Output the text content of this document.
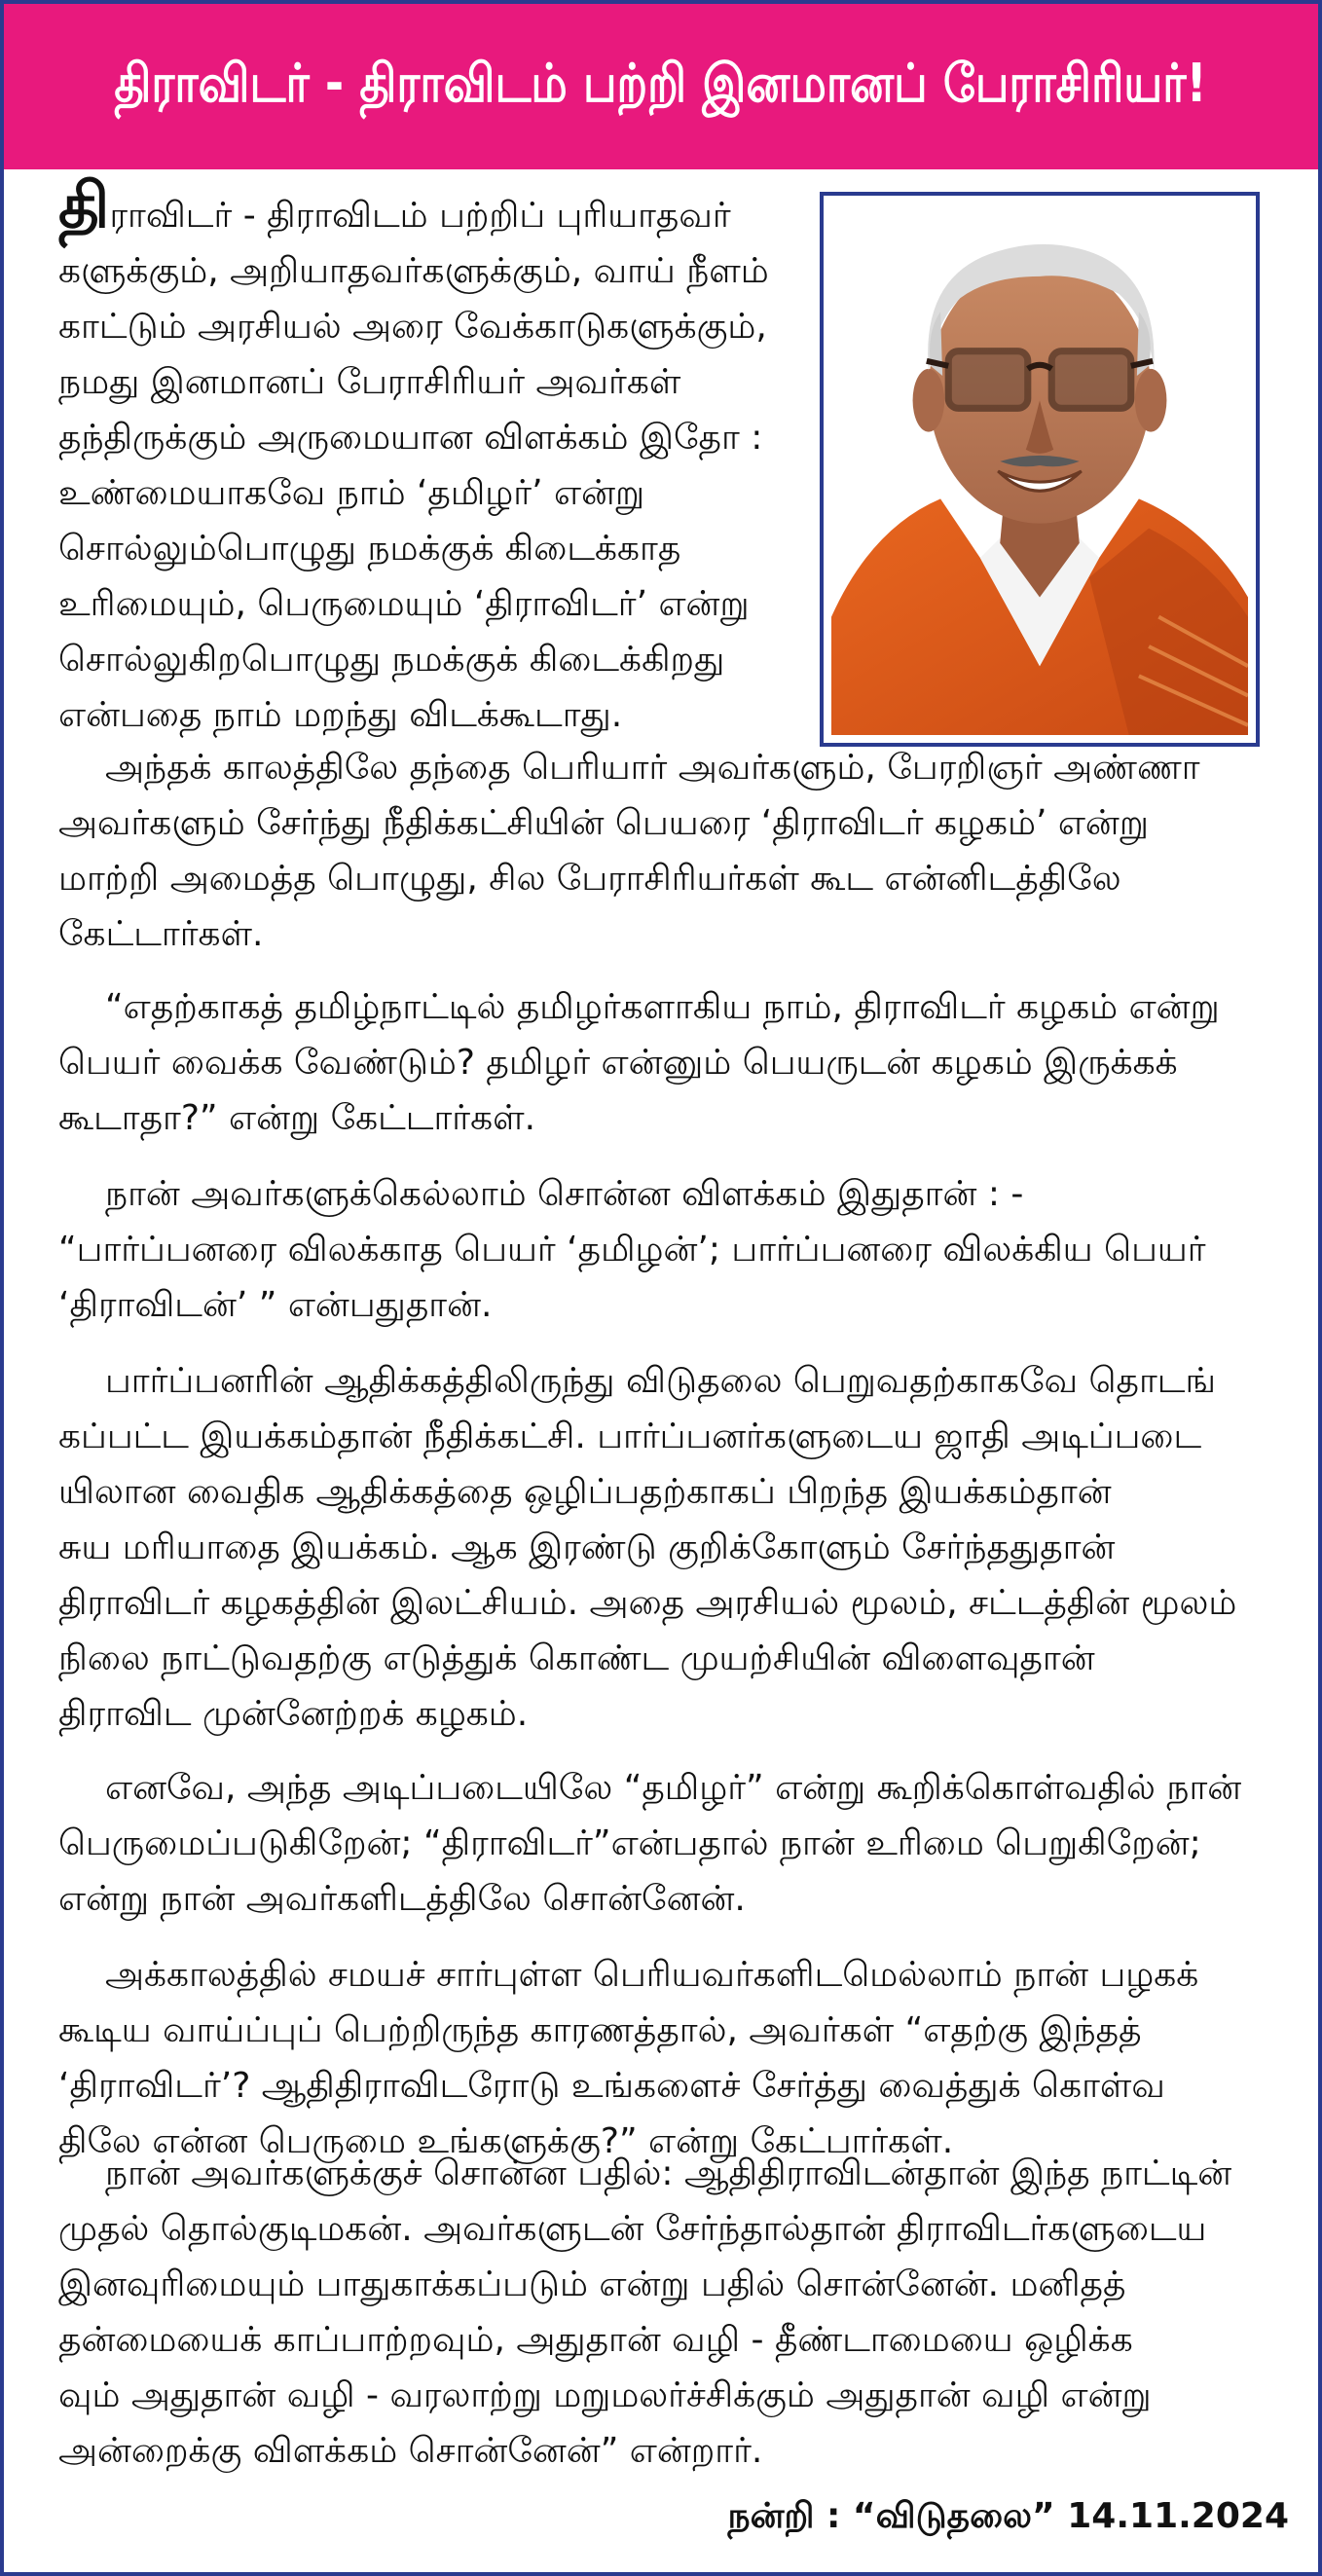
திராவிடர் - திராவிடம் பற்றி இனமானப் பேராசிரியர்!
திராவிடர் - திராவிடம் பற்றிப் புரியாதவர்
களுக்கும், அறியாதவர்களுக்கும், வாய் நீளம்
காட்டும் அரசியல் அரை வேக்காடுகளுக்கும்,
நமது இனமானப் பேராசிரியர் அவர்கள்
தந்திருக்கும் அருமையான விளக்கம் இதோ :
உண்மையாகவே நாம் ‘தமிழர்’ என்று
சொல்லும்பொழுது நமக்குக் கிடைக்காத
உரிமையும், பெருமையும் ‘திராவிடர்’ என்று
சொல்லுகிறபொழுது நமக்குக் கிடைக்கிறது
என்பதை நாம் மறந்து விடக்கூடாது.
அந்தக் காலத்திலே தந்தை பெரியார் அவர்களும், பேரறிஞர் அண்ணா
அவர்களும் சேர்ந்து நீதிக்கட்சியின் பெயரை ‘திராவிடர் கழகம்’ என்று
மாற்றி அமைத்த பொழுது, சில பேராசிரியர்கள் கூட என்னிடத்திலே
கேட்டார்கள்.
“எதற்காகத் தமிழ்நாட்டில் தமிழர்களாகிய நாம், திராவிடர் கழகம் என்று
பெயர் வைக்க வேண்டும்? தமிழர் என்னும் பெயருடன் கழகம் இருக்கக்
கூடாதா?” என்று கேட்டார்கள்.
நான் அவர்களுக்கெல்லாம் சொன்ன விளக்கம் இதுதான் : -
“பார்ப்பனரை விலக்காத பெயர் ‘தமிழன்’; பார்ப்பனரை விலக்கிய பெயர்
‘திராவிடன்’ ” என்பதுதான்.
பார்ப்பனரின் ஆதிக்கத்திலிருந்து விடுதலை பெறுவதற்காகவே தொடங்
கப்பட்ட இயக்கம்தான் நீதிக்கட்சி. பார்ப்பனர்களுடைய ஜாதி அடிப்படை
யிலான வைதிக ஆதிக்கத்தை ஒழிப்பதற்காகப் பிறந்த இயக்கம்தான்
சுய மரியாதை இயக்கம். ஆக இரண்டு குறிக்கோளும் சேர்ந்ததுதான்
திராவிடர் கழகத்தின் இலட்சியம். அதை அரசியல் மூலம், சட்டத்தின் மூலம்
நிலை நாட்டுவதற்கு எடுத்துக் கொண்ட முயற்சியின் விளைவுதான்
திராவிட முன்னேற்றக் கழகம்.
எனவே, அந்த அடிப்படையிலே “தமிழர்” என்று கூறிக்கொள்வதில் நான்
பெருமைப்படுகிறேன்; “திராவிடர்”என்பதால் நான் உரிமை பெறுகிறேன்;
என்று நான் அவர்களிடத்திலே சொன்னேன்.
அக்காலத்தில் சமயச் சார்புள்ள பெரியவர்களிடமெல்லாம் நான் பழகக்
கூடிய வாய்ப்புப் பெற்றிருந்த காரணத்தால், அவர்கள் “எதற்கு இந்தத்
‘திராவிடர்’? ஆதிதிராவிடரோடு உங்களைச் சேர்த்து வைத்துக் கொள்வ
திலே என்ன பெருமை உங்களுக்கு?” என்று கேட்பார்கள்.
நான் அவர்களுக்குச் சொன்ன பதில்: ஆதிதிராவிடன்தான் இந்த நாட்டின்
முதல் தொல்குடிமகன். அவர்களுடன் சேர்ந்தால்தான் திராவிடர்களுடைய
இனவுரிமையும் பாதுகாக்கப்படும் என்று பதில் சொன்னேன். மனிதத்
தன்மையைக் காப்பாற்றவும், அதுதான் வழி - தீண்டாமையை ஒழிக்க
வும் அதுதான் வழி - வரலாற்று மறுமலர்ச்சிக்கும் அதுதான் வழி என்று
அன்றைக்கு விளக்கம் சொன்னேன்” என்றார்.
நன்றி : “விடுதலை” 14.11.2024
